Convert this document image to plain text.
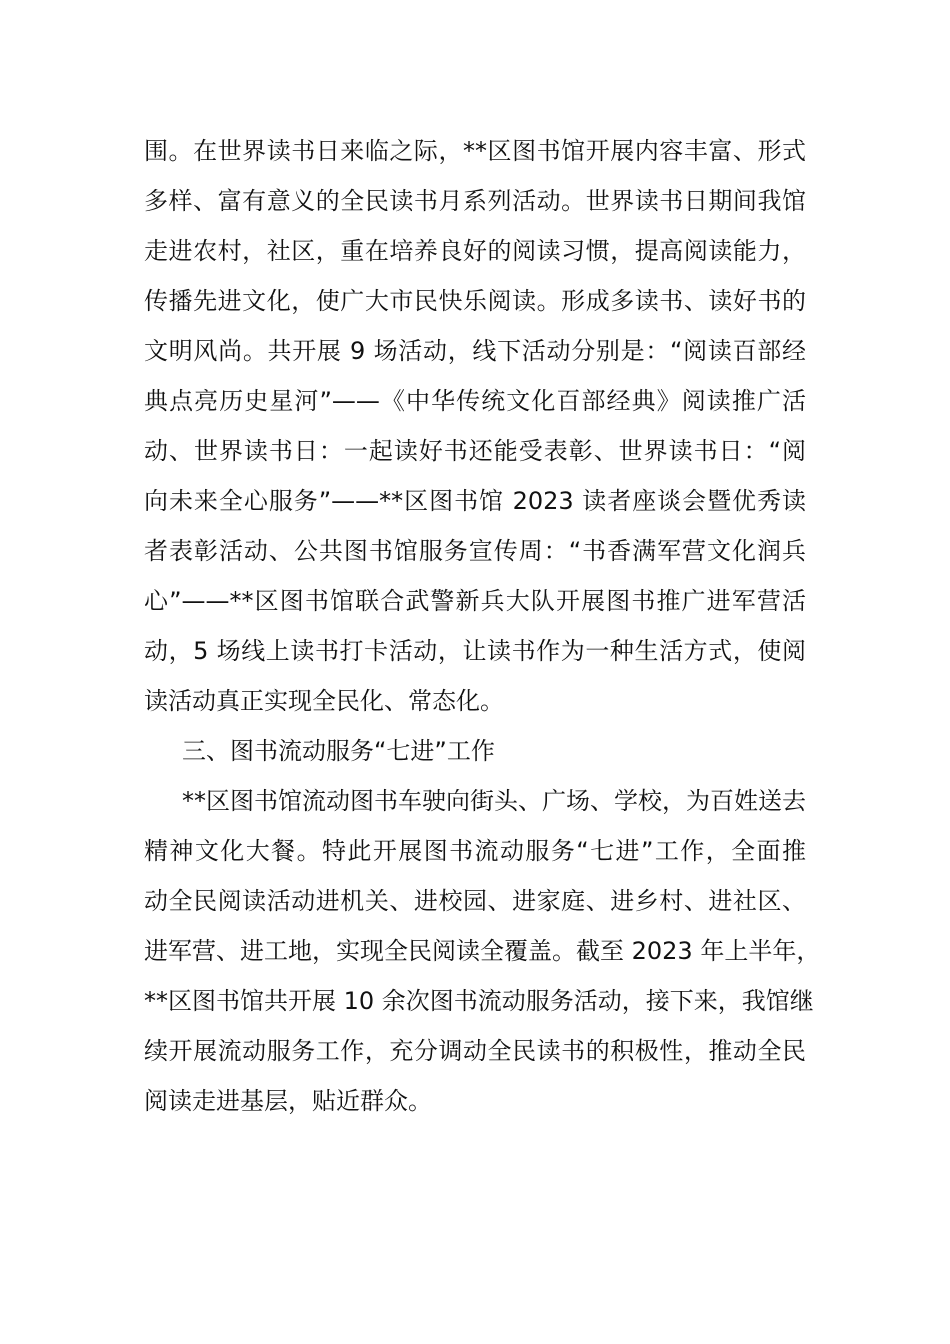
围。在世界读书日来临之际，**区图书馆开展内容丰富、形式
多样、富有意义的全民读书月系列活动。世界读书日期间我馆
走进农村，社区，重在培养良好的阅读习惯，提高阅读能力，
传播先进文化，使广大市民快乐阅读。形成多读书、读好书的
文明风尚。共开展 9 场活动，线下活动分别是：“阅读百部经
典点亮历史星河”——《中华传统文化百部经典》阅读推广活
动、世界读书日：一起读好书还能受表彰、世界读书日：“阅
向未来全心服务”——**区图书馆 2023 读者座谈会暨优秀读
者表彰活动、公共图书馆服务宣传周：“书香满军营文化润兵
心”——**区图书馆联合武警新兵大队开展图书推广进军营活
动，5 场线上读书打卡活动，让读书作为一种生活方式，使阅
读活动真正实现全民化、常态化。
三、图书流动服务“七进”工作
**区图书馆流动图书车驶向街头、广场、学校，为百姓送去
精神文化大餐。特此开展图书流动服务“七进”工作，全面推
动全民阅读活动进机关、进校园、进家庭、进乡村、进社区、
进军营、进工地，实现全民阅读全覆盖。截至 2023 年上半年，
**区图书馆共开展 10 余次图书流动服务活动，接下来，我馆继
续开展流动服务工作，充分调动全民读书的积极性，推动全民
阅读走进基层，贴近群众。
